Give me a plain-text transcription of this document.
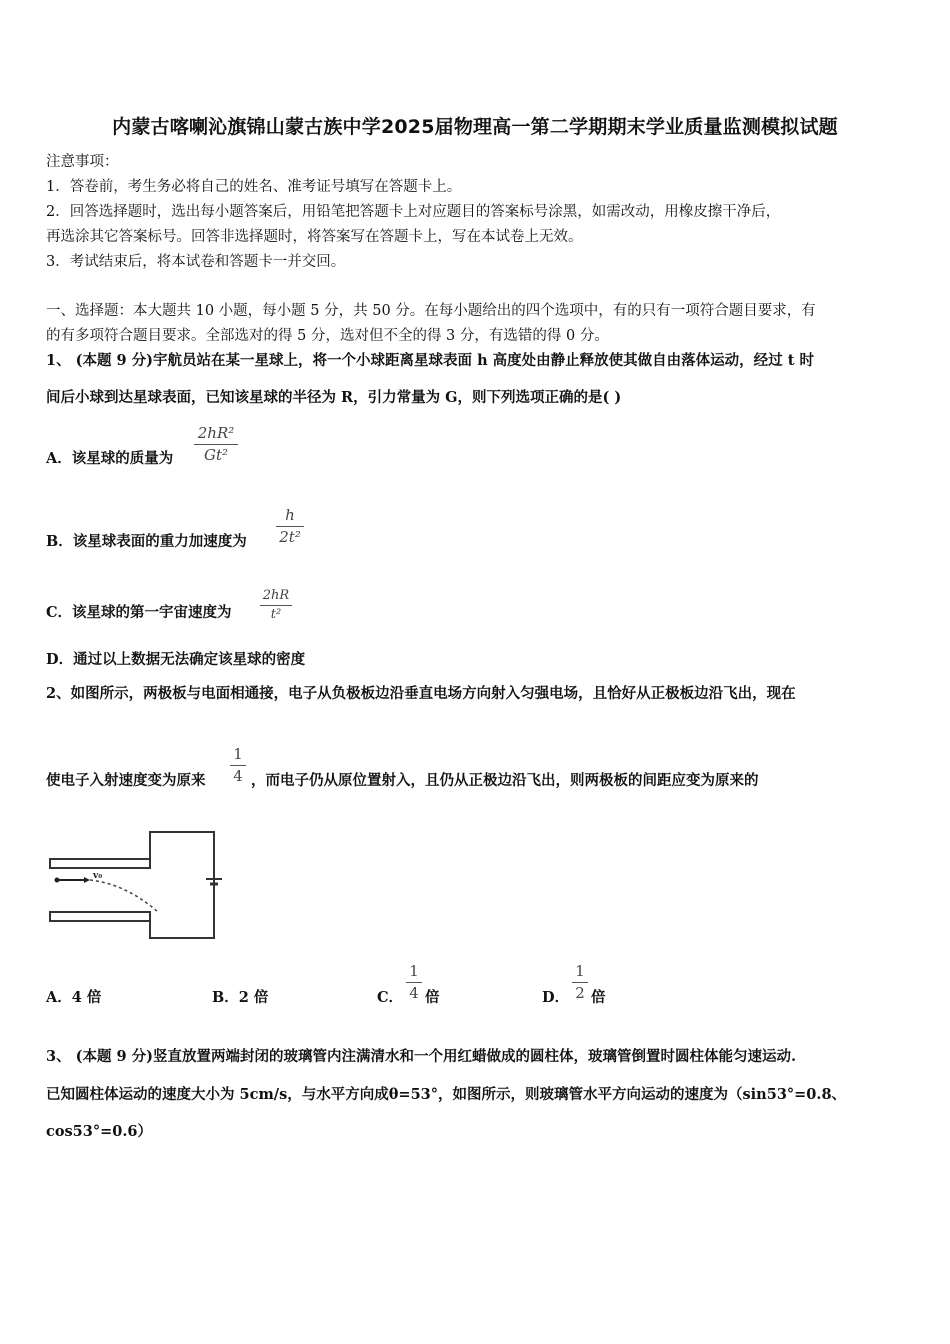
内蒙古喀喇沁旗锦山蒙古族中学2025届物理高一第二学期期末学业质量监测模拟试题
注意事项：
1．答卷前，考生务必将自己的姓名、准考证号填写在答题卡上。
2．回答选择题时，选出每小题答案后，用铅笔把答题卡上对应题目的答案标号涂黑，如需改动，用橡皮擦干净后，
再选涂其它答案标号。回答非选择题时，将答案写在答题卡上，写在本试卷上无效。
3．考试结束后，将本试卷和答题卡一并交回。
一、选择题：本大题共 10 小题，每小题 5 分，共 50 分。在每小题给出的四个选项中，有的只有一项符合题目要求，有
的有多项符合题目要求。全部选对的得 5 分，选对但不全的得 3 分，有选错的得 0 分。
1、 (本题 9 分)宇航员站在某一星球上，将一个小球距离星球表面 h 高度处由静止释放使其做自由落体运动，经过 t 时
间后小球到达星球表面，已知该星球的半径为 R，引力常量为 G，则下列选项正确的是( )
A．该星球的质量为
2hR²
Gt²
B．该星球表面的重力加速度为
h
2t²
C．该星球的第一宇宙速度为
2hR
t²
D．通过以上数据无法确定该星球的密度
2、如图所示，两极板与电面相通接，电子从负极板边沿垂直电场方向射入匀强电场，且恰好从正极板边沿飞出，现在
使电子入射速度变为原来
1
4 ，而电子仍从原位置射入，且仍从正极边沿飞出，则两极板的间距应变为原来的
v₀
A．4 倍	B．2 倍	C．
1
4 倍	D．
1
2 倍
3、 (本题 9 分)竖直放置两端封闭的玻璃管内注满清水和一个用红蜡做成的圆柱体，玻璃管倒置时圆柱体能匀速运动.
已知圆柱体运动的速度大小为 5cm/s，与水平方向成θ=53°，如图所示，则玻璃管水平方向运动的速度为（sin53°=0.8、
cos53°=0.6）
